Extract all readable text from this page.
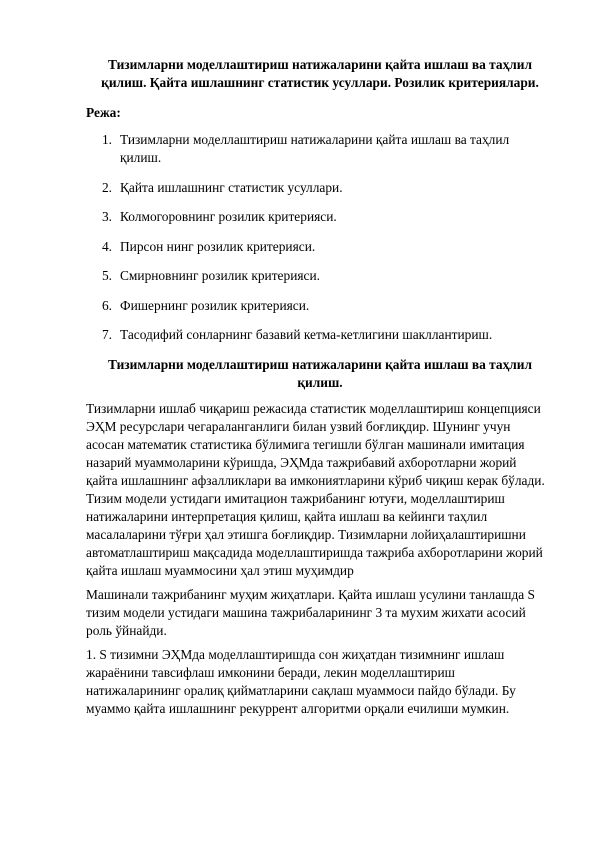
Тизимларни моделлаштириш натижаларини қайта ишлаш ва таҳлил қилиш. Қайта ишлашнинг статистик усуллари. Розилик критериялари.
Режа:
1. Тизимларни моделлаштириш натижаларини қайта ишлаш ва таҳлил қилиш.
2. Қайта ишлашнинг статистик усуллари.
3. Колмогоровнинг розилик критерияси.
4. Пирсон нинг розилик критерияси.
5. Смирновнинг розилик критерияси.
6. Фишернинг розилик критерияси.
7. Тасодифий сонларнинг базавий кетма-кетлигини шакллантириш.
Тизимларни моделлаштириш натижаларини қайта ишлаш ва таҳлил қилиш.

Тизимларни ишлаб чиқариш режасида статистик моделлаштириш концепцияси ЭҲМ ресурслари чегараланганлиги билан узвий боғлиқдир. Шунинг учун асосан математик статистика бўлимига тегишли бўлган машинали имитация назарий муаммоларини кўришда, ЭҲМда тажрибавий ахборотларни жорий қайта ишлашнинг афзалликлари ва имкониятларини кўриб чиқиш керак бўлади. Тизим модели устидаги имитацион тажрибанинг ютуғи, моделлаштириш натижаларини интерпретация қилиш, қайта ишлаш ва кейинги таҳлил масалаларини тўғри ҳал этишга боғлиқдир. Тизимларни лойиҳалаштиришни автоматлаштириш мақсадида моделлаштиришда тажриба ахборотларини жорий қайта ишлаш муаммосини ҳал этиш муҳимдир

Машинали тажрибанинг муҳим жиҳатлари. Қайта ишлаш усулини танлашда S тизим модели устидаги машина тажрибаларининг 3 та мухим жихати асосий роль ўйнайди.

1. S тизимни ЭҲМда моделлаштиришда сон жиҳатдан тизимнинг ишлаш жараёнини тавсифлаш имконини беради, лекин моделлаштириш натижаларининг оралиқ қийматларини сақлаш муаммоси пайдо бўлади. Бу муаммо қайта ишлашнинг рекуррент алгоритми орқали ечилиши мумкин.
